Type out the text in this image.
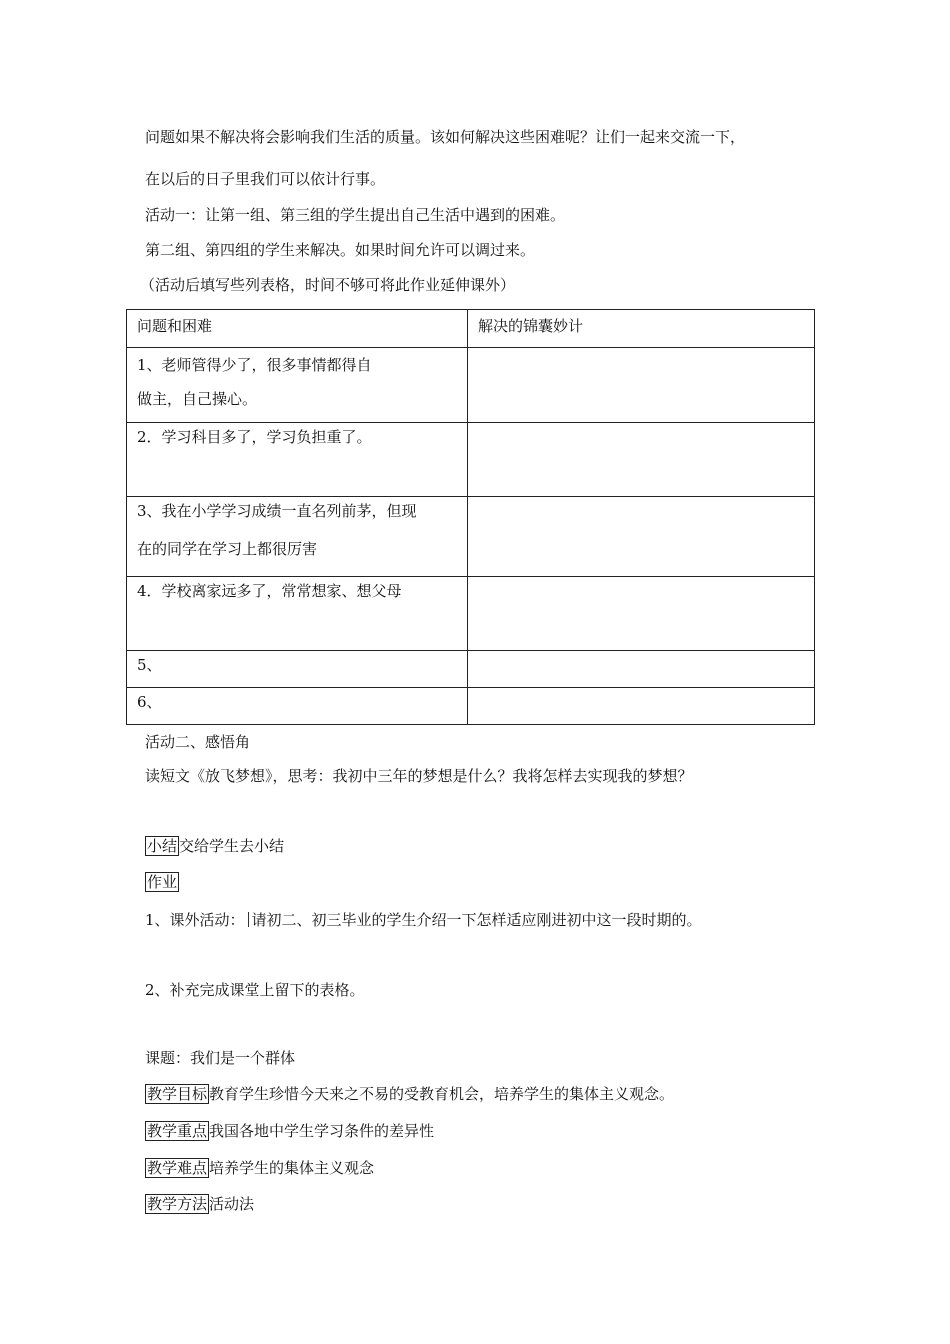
问题如果不解决将会影响我们生活的质量。该如何解决这些困难呢？让们一起来交流一下，
在以后的日子里我们可以依计行事。
活动一：让第一组、第三组的学生提出自己生活中遇到的困难。
第二组、第四组的学生来解决。如果时间允许可以调过来。
（活动后填写些列表格，时间不够可将此作业延伸课外）
问题和困难	解决的锦囊妙计

1、老师管得少了，很多事情都得自
做主，自己操心。	

2．学习科目多了，学习负担重了。	

3、我在小学学习成绩一直名列前茅，但现
在的同学在学习上都很厉害	

4．学校离家远多了，常常想家、想父母	

5、	

6、	

活动二、感悟角
读短文《放飞梦想》，思考：我初中三年的梦想是什么？我将怎样去实现我的梦想？
小结 交给学生去小结
作业
1、课外活动： 请初二、初三毕业的学生介绍一下怎样适应刚进初中这一段时期的。
2、补充完成课堂上留下的表格。
课题：我们是一个群体
教学目标 教育学生珍惜今天来之不易的受教育机会，培养学生的集体主义观念。
教学重点 我国各地中学生学习条件的差异性
教学难点 培养学生的集体主义观念
教学方法 活动法
